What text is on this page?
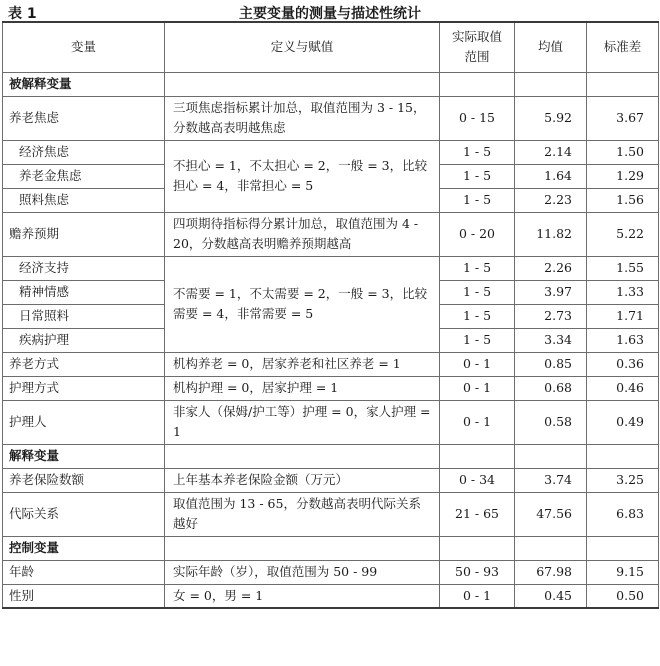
表 1	主要变量的测量与描述性统计
变量	定义与赋值	实际取值范围	均值	标准差
被解释变量				
养老焦虑	三项焦虑指标累计加总，取值范围为 3 - 15，分数越高表明越焦虑	0 - 15	5.92	3.67
经济焦虑	不担心 = 1，不太担心 = 2，一般 = 3，比较担心 = 4，非常担心 = 5	1 - 5	2.14	1.50
养老金焦虑		1 - 5	1.64	1.29
照料焦虑		1 - 5	2.23	1.56
赡养预期	四项期待指标得分累计加总，取值范围为 4 - 20，分数越高表明赡养预期越高	0 - 20	11.82	5.22
经济支持	不需要 = 1，不太需要 = 2，一般 = 3，比较需要 = 4，非常需要 = 5	1 - 5	2.26	1.55
精神情感		1 - 5	3.97	1.33
日常照料		1 - 5	2.73	1.71
疾病护理		1 - 5	3.34	1.63
养老方式	机构养老 = 0，居家养老和社区养老 = 1	0 - 1	0.85	0.36
护理方式	机构护理 = 0，居家护理 = 1	0 - 1	0.68	0.46
护理人	非家人（保姆/护工等）护理 = 0，家人护理 = 1	0 - 1	0.58	0.49
解释变量				
养老保险数额	上年基本养老保险金额（万元）	0 - 34	3.74	3.25
代际关系	取值范围为 13 - 65，分数越高表明代际关系越好	21 - 65	47.56	6.83
控制变量				
年龄	实际年龄（岁），取值范围为 50 - 99	50 - 93	67.98	9.15
性别	女 = 0，男 = 1	0 - 1	0.45	0.50
